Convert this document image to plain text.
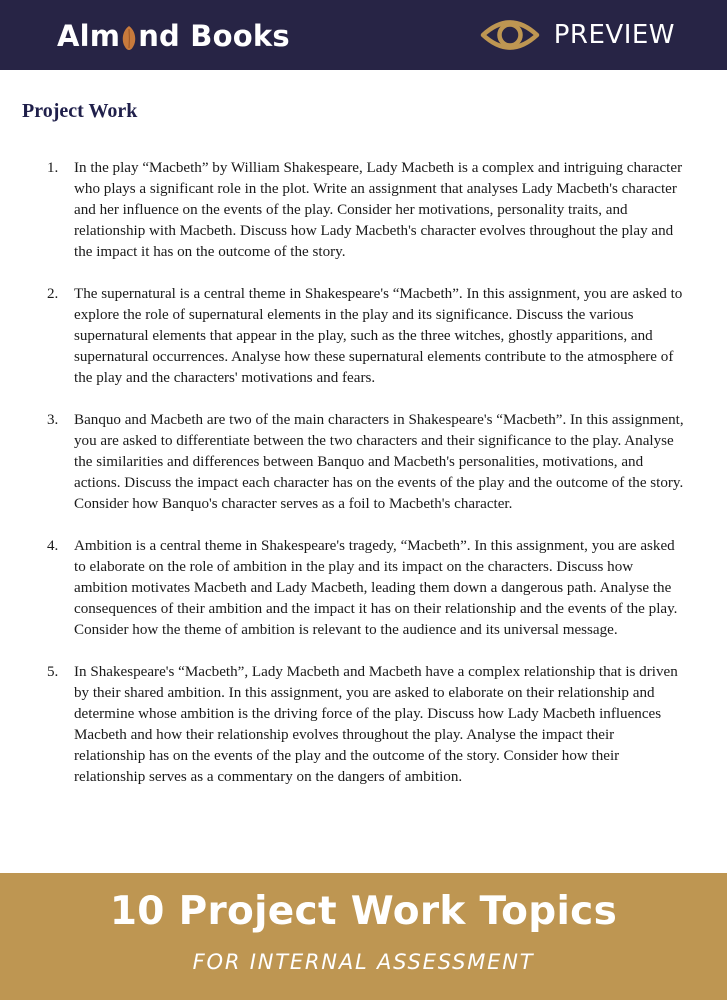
Alm nd Books	PREVIEW
Project Work
1.	In the play “Macbeth” by William Shakespeare, Lady Macbeth is a complex and intriguing character who plays a significant role in the plot. Write an assignment that analyses Lady Macbeth's character and her influence on the events of the play. Consider her motivations, personality traits, and relationship with Macbeth. Discuss how Lady Macbeth's character evolves throughout the play and the impact it has on the outcome of the story.
2.	The supernatural is a central theme in Shakespeare's “Macbeth”. In this assignment, you are asked to explore the role of supernatural elements in the play and its significance. Discuss the various supernatural elements that appear in the play, such as the three witches, ghostly apparitions, and supernatural occurrences. Analyse how these supernatural elements contribute to the atmosphere of the play and the characters' motivations and fears.
3.	Banquo and Macbeth are two of the main characters in Shakespeare's “Macbeth”. In this assignment, you are asked to differentiate between the two characters and their significance to the play. Analyse the similarities and differences between Banquo and Macbeth's personalities, motivations, and actions. Discuss the impact each character has on the events of the play and the outcome of the story. Consider how Banquo's character serves as a foil to Macbeth's character.
4.	Ambition is a central theme in Shakespeare's tragedy, “Macbeth”. In this assignment, you are asked to elaborate on the role of ambition in the play and its impact on the characters. Discuss how ambition motivates Macbeth and Lady Macbeth, leading them down a dangerous path. Analyse the consequences of their ambition and the impact it has on their relationship and the events of the play. Consider how the theme of ambition is relevant to the audience and its universal message.
5.	In Shakespeare's “Macbeth”, Lady Macbeth and Macbeth have a complex relationship that is driven by their shared ambition. In this assignment, you are asked to elaborate on their relationship and determine whose ambition is the driving force of the play. Discuss how Lady Macbeth influences Macbeth and how their relationship evolves throughout the play. Analyse the impact their relationship has on the events of the play and the outcome of the story. Consider how their relationship serves as a commentary on the dangers of ambition.
10 Project Work Topics
FOR INTERNAL ASSESSMENT
